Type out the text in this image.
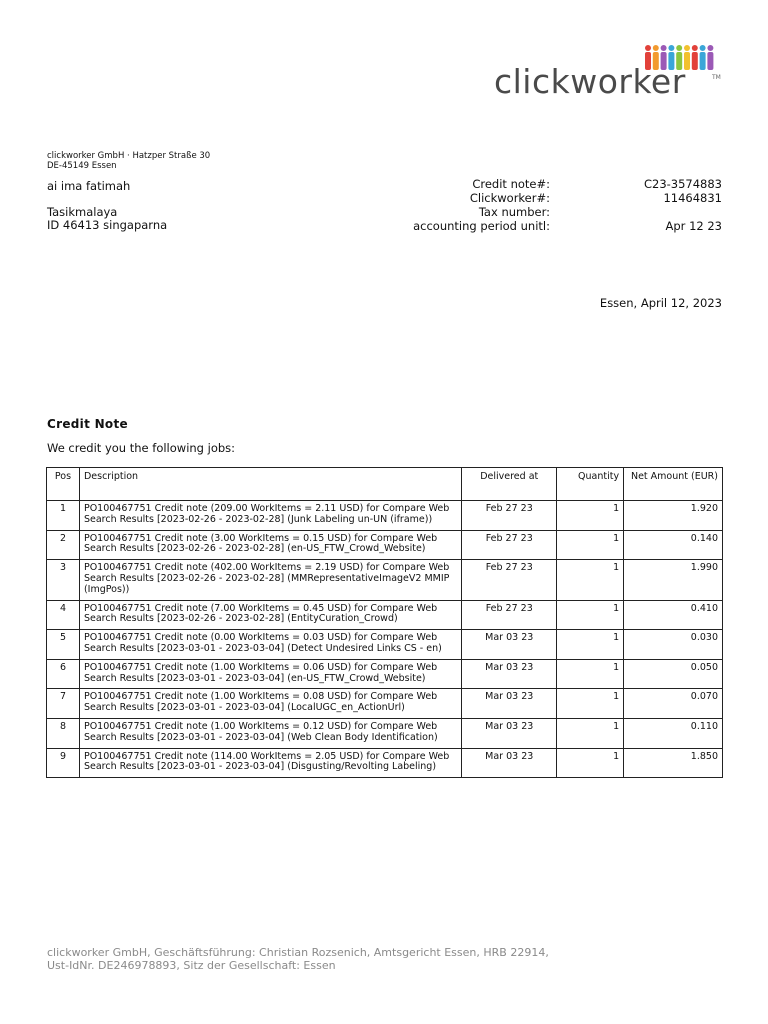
clickworker	TM
clickworker GmbH · Hatzper Straße 30
DE-45149 Essen
ai ima fatimah
Tasikmalaya
ID 46413 singaparna
Credit note#:	C23-3574883
Clickworker#:	11464831
Tax number:
accounting period unitl:	Apr 12 23
Essen, April 12, 2023
Credit Note
We credit you the following jobs:
Pos	Description	Delivered at	Quantity	Net Amount (EUR)
1	PO100467751 Credit note (209.00 WorkItems = 2.11 USD) for Compare Web Search Results [2023-02-26 - 2023-02-28] (Junk Labeling un-UN (iframe))	Feb 27 23	1	1.920
2	PO100467751 Credit note (3.00 WorkItems = 0.15 USD) for Compare Web Search Results [2023-02-26 - 2023-02-28] (en-US_FTW_Crowd_Website)	Feb 27 23	1	0.140
3	PO100467751 Credit note (402.00 WorkItems = 2.19 USD) for Compare Web Search Results [2023-02-26 - 2023-02-28] (MMRepresentativeImageV2 MMIP (ImgPos))	Feb 27 23	1	1.990
4	PO100467751 Credit note (7.00 WorkItems = 0.45 USD) for Compare Web Search Results [2023-02-26 - 2023-02-28] (EntityCuration_Crowd)	Feb 27 23	1	0.410
5	PO100467751 Credit note (0.00 WorkItems = 0.03 USD) for Compare Web Search Results [2023-03-01 - 2023-03-04] (Detect Undesired Links CS - en)	Mar 03 23	1	0.030
6	PO100467751 Credit note (1.00 WorkItems = 0.06 USD) for Compare Web Search Results [2023-03-01 - 2023-03-04] (en-US_FTW_Crowd_Website)	Mar 03 23	1	0.050
7	PO100467751 Credit note (1.00 WorkItems = 0.08 USD) for Compare Web Search Results [2023-03-01 - 2023-03-04] (LocalUGC_en_ActionUrl)	Mar 03 23	1	0.070
8	PO100467751 Credit note (1.00 WorkItems = 0.12 USD) for Compare Web Search Results [2023-03-01 - 2023-03-04] (Web Clean Body Identification)	Mar 03 23	1	0.110
9	PO100467751 Credit note (114.00 WorkItems = 2.05 USD) for Compare Web Search Results [2023-03-01 - 2023-03-04] (Disgusting/Revolting Labeling)	Mar 03 23	1	1.850
clickworker GmbH, Geschäftsführung: Christian Rozsenich, Amtsgericht Essen, HRB 22914,
Ust-IdNr. DE246978893, Sitz der Gesellschaft: Essen
